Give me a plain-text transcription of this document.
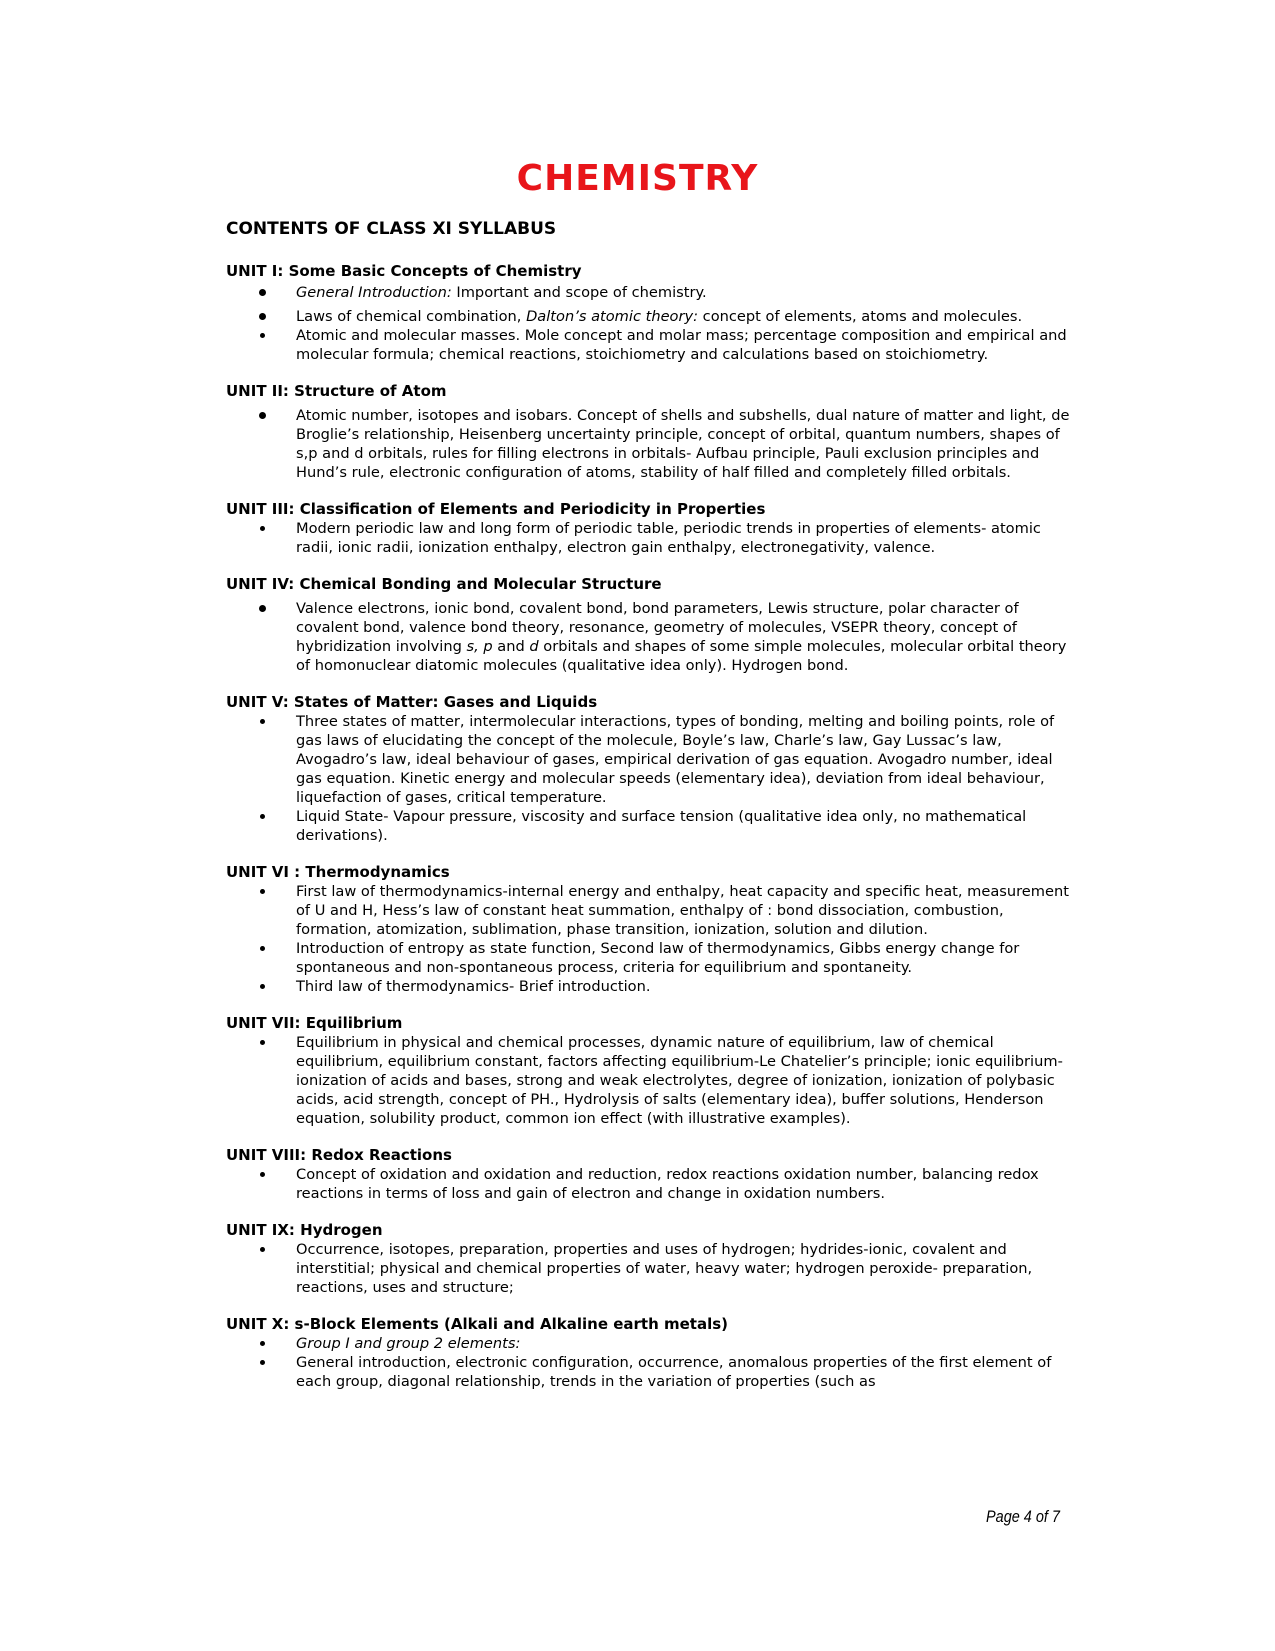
CHEMISTRY
CONTENTS OF CLASS XI SYLLABUS
UNIT I: Some Basic Concepts of Chemistry
General Introduction: Important and scope of chemistry.
Laws of chemical combination, Dalton’s atomic theory: concept of elements, atoms and molecules.
Atomic and molecular masses. Mole concept and molar mass; percentage composition and empirical and molecular formula; chemical reactions, stoichiometry and calculations based on stoichiometry.
UNIT II: Structure of Atom
Atomic number, isotopes and isobars. Concept of shells and subshells, dual nature of matter and light, de Broglie’s relationship, Heisenberg uncertainty principle, concept of orbital, quantum numbers, shapes of s,p and d orbitals, rules for filling electrons in orbitals- Aufbau principle, Pauli exclusion principles and Hund’s rule, electronic configuration of atoms, stability of half filled and completely filled orbitals.
UNIT III: Classification of Elements and Periodicity in Properties
Modern periodic law and long form of periodic table, periodic trends in properties of elements- atomic radii, ionic radii, ionization enthalpy, electron gain enthalpy, electronegativity, valence.
UNIT IV: Chemical Bonding and Molecular Structure
Valence electrons, ionic bond, covalent bond, bond parameters, Lewis structure, polar character of covalent bond, valence bond theory, resonance, geometry of molecules, VSEPR theory, concept of hybridization involving s, p and d orbitals and shapes of some simple molecules, molecular orbital theory of homonuclear diatomic molecules (qualitative idea only). Hydrogen bond.
UNIT V: States of Matter: Gases and Liquids
Three states of matter, intermolecular interactions, types of bonding, melting and boiling points, role of gas laws of elucidating the concept of the molecule, Boyle’s law, Charle’s law, Gay Lussac’s law, Avogadro’s law, ideal behaviour of gases, empirical derivation of gas equation. Avogadro number, ideal gas equation. Kinetic energy and molecular speeds (elementary idea), deviation from ideal behaviour, liquefaction of gases, critical temperature.
Liquid State- Vapour pressure, viscosity and surface tension (qualitative idea only, no mathematical derivations).
UNIT VI : Thermodynamics
First law of thermodynamics-internal energy and enthalpy, heat capacity and specific heat, measurement of U and H, Hess’s law of constant heat summation, enthalpy of : bond dissociation, combustion, formation, atomization, sublimation, phase transition, ionization, solution and dilution.
Introduction of entropy as state function, Second law of thermodynamics, Gibbs energy change for spontaneous and non-spontaneous process, criteria for equilibrium and spontaneity.
Third law of thermodynamics- Brief introduction.
UNIT VII: Equilibrium
Equilibrium in physical and chemical processes, dynamic nature of equilibrium, law of chemical equilibrium, equilibrium constant, factors affecting equilibrium-Le Chatelier’s principle; ionic equilibrium- ionization of acids and bases, strong and weak electrolytes, degree of ionization, ionization of polybasic acids, acid strength, concept of PH., Hydrolysis of salts (elementary idea), buffer solutions, Henderson equation, solubility product, common ion effect (with illustrative examples).
UNIT VIII: Redox Reactions
Concept of oxidation and oxidation and reduction, redox reactions oxidation number, balancing redox reactions in terms of loss and gain of electron and change in oxidation numbers.
UNIT IX: Hydrogen
Occurrence, isotopes, preparation, properties and uses of hydrogen; hydrides-ionic, covalent and interstitial; physical and chemical properties of water, heavy water; hydrogen peroxide- preparation, reactions, uses and structure;
UNIT X: s-Block Elements (Alkali and Alkaline earth metals)
Group I and group 2 elements:
General introduction, electronic configuration, occurrence, anomalous properties of the first element of each group, diagonal relationship, trends in the variation of properties (such as
Page 4 of 7
